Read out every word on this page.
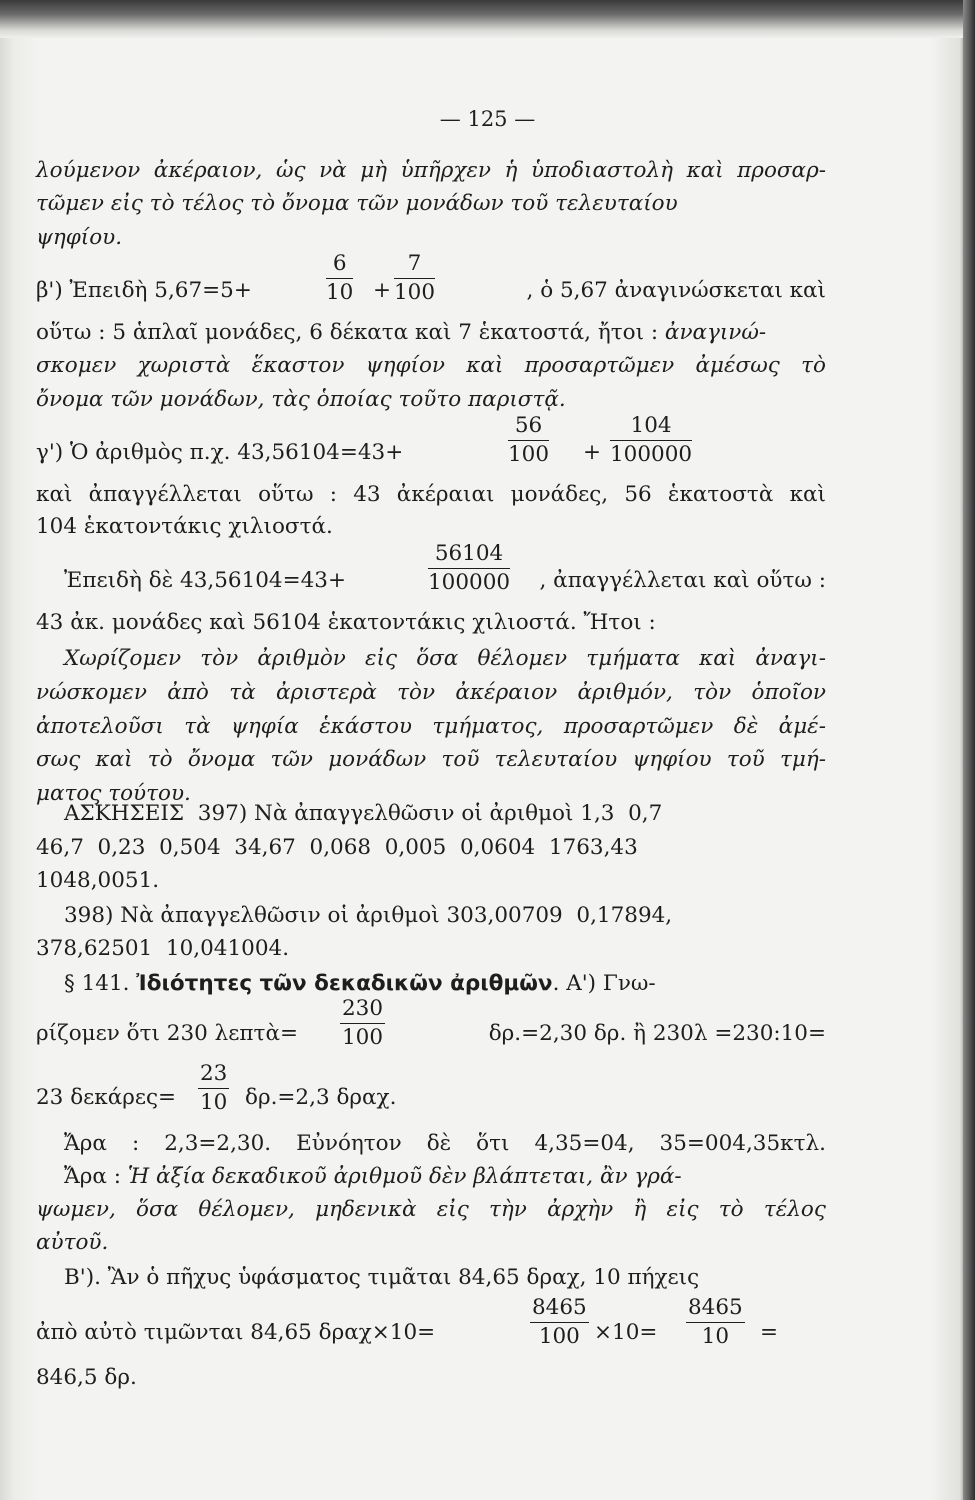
— 125 —
λούμενον ἀκέραιον, ὡς νὰ μὴ ὑπῆρχεν ἡ ὑποδιαστολὴ καὶ προσαρ-
τῶμεν εἰς τὸ τέλος τὸ ὄνομα τῶν μονάδων τοῦ τελευταίου
ψηφίου.
β') Ἐπειδὴ 5,67=5+	$\frac{6}{10} + \frac{7}{100}$	, ὁ 5,67 ἀναγινώσκεται καὶ
οὕτω : 5 ἁπλαῖ μονάδες, 6 δέκατα καὶ 7 ἑκατοστά, ἤτοι : ἀναγινώ-
σκομεν χωριστὰ ἕκαστον ψηφίον καὶ προσαρτῶμεν ἀμέσως τὸ
ὄνομα τῶν μονάδων, τὰς ὁποίας τοῦτο παριστᾷ.
γ') Ὁ ἀριθμὸς π.χ. 43,56104=43+	$\frac{56}{100} + \frac{104}{100000}$
καὶ ἀπαγγέλλεται οὕτω : 43 ἀκέραιαι μονάδες, 56 ἑκατοστὰ καὶ
104 ἑκατοντάκις χιλιοστά.
Ἐπειδὴ δὲ 43,56104=43+	$\frac{56104}{100000}$	, ἀπαγγέλλεται καὶ οὕτω :
43 ἀκ. μονάδες καὶ 56104 ἑκατοντάκις χιλιοστά. Ἤτοι :
Χωρίζομεν τὸν ἀριθμὸν εἰς ὅσα θέλομεν τμήματα καὶ ἀναγι-
νώσκομεν ἀπὸ τὰ ἀριστερὰ τὸν ἀκέραιον ἀριθμόν, τὸν ὁποῖον
ἀποτελοῦσι τὰ ψηφία ἑκάστου τμήματος, προσαρτῶμεν δὲ ἀμέ-
σως καὶ τὸ ὄνομα τῶν μονάδων τοῦ τελευταίου ψηφίου τοῦ τμή-
ματος τούτου.
ΑΣΚΗΣΕΙΣ  397) Νὰ ἀπαγγελθῶσιν οἱ ἀριθμοὶ 1,3  0,7
46,7  0,23  0,504  34,67  0,068  0,005  0,0604  1763,43
1048,0051.
398) Νὰ ἀπαγγελθῶσιν οἱ ἀριθμοὶ 303,00709  0,17894,
378,62501  10,041004.
§ 141. Ἰδιότητες τῶν δεκαδικῶν ἀριθμῶν. Α') Γνω-
ρίζομεν ὅτι 230 λεπτὰ=	$\frac{230}{100}$	δρ.=2,30 δρ. ἢ 230λ =230:10=
23 δεκάρες=	$\frac{23}{10} \delta\rho.=2,3$ δραχ.
Ἄρα : 2,3=2,30. Εὐνόητον δὲ ὅτι 4,35=04, 35=004,35κτλ.
Ἄρα : Ἡ ἀξία δεκαδικοῦ ἀριθμοῦ δὲν βλάπτεται, ἂν γρά-
ψωμεν, ὅσα θέλομεν, μηδενικὰ εἰς τὴν ἀρχὴν ἢ εἰς τὸ τέλος
αὐτοῦ.
Β'). Ἂν ὁ πῆχυς ὑφάσματος τιμᾶται 84,65 δραχ, 10 πήχεις
ἀπὸ αὐτὸ τιμῶνται 84,65 δραχ×10=	$\frac{8465}{100} \times 10= \frac{8465}{10}$ =
846,5 δρ.
